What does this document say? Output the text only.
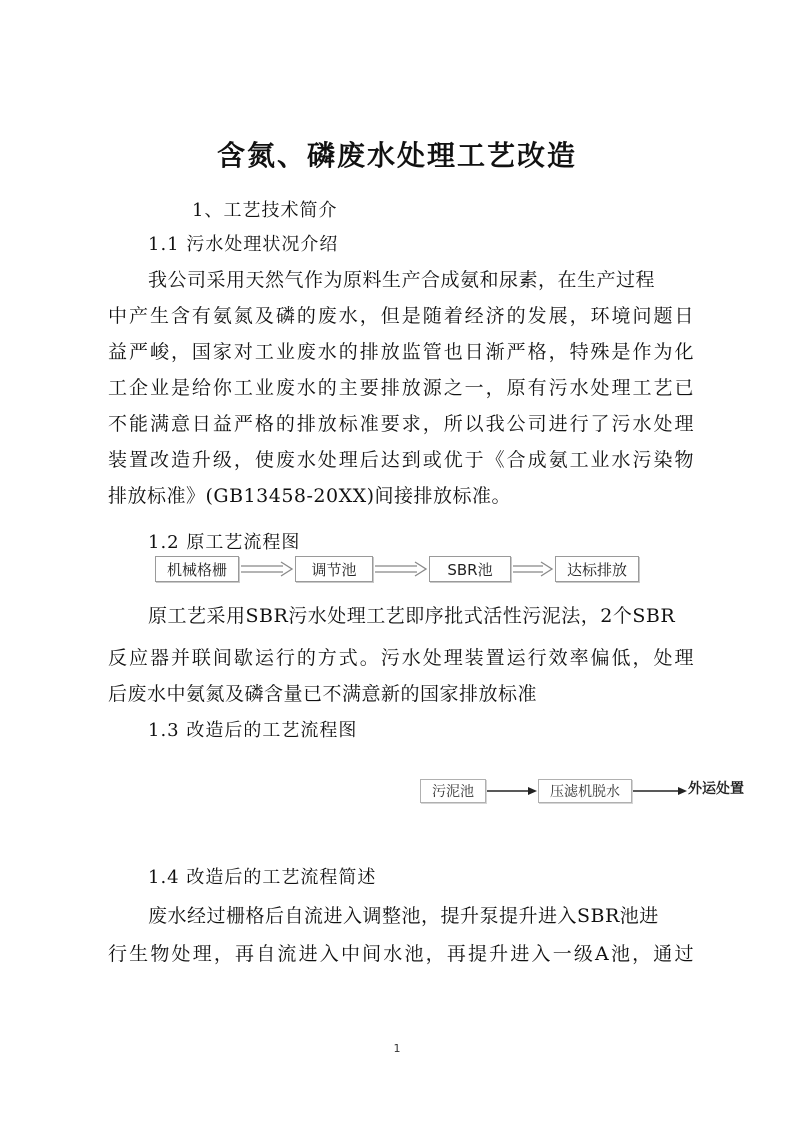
含氮、磷废水处理工艺改造
1、工艺技术简介
1.1 污水处理状况介绍
我公司采用天然气作为原料生产合成氨和尿素，在生产过程
中产生含有氨氮及磷的废水，但是随着经济的发展，环境问题日
益严峻，国家对工业废水的排放监管也日渐严格，特殊是作为化
工企业是给你工业废水的主要排放源之一，原有污水处理工艺已
不能满意日益严格的排放标准要求，所以我公司进行了污水处理
装置改造升级，使废水处理后达到或优于《合成氨工业水污染物
排放标准》(GB13458-20XX)间接排放标准。
1.2 原工艺流程图
机械格栅	调节池	SBR池	达标排放
原工艺采用SBR污水处理工艺即序批式活性污泥法，2个SBR
反应器并联间歇运行的方式。污水处理装置运行效率偏低，处理
后废水中氨氮及磷含量已不满意新的国家排放标准
1.3 改造后的工艺流程图
污泥池	压滤机脱水	外运处置
1.4 改造后的工艺流程简述
废水经过栅格后自流进入调整池，提升泵提升进入SBR池进
行生物处理，再自流进入中间水池，再提升进入一级A池，通过
1
